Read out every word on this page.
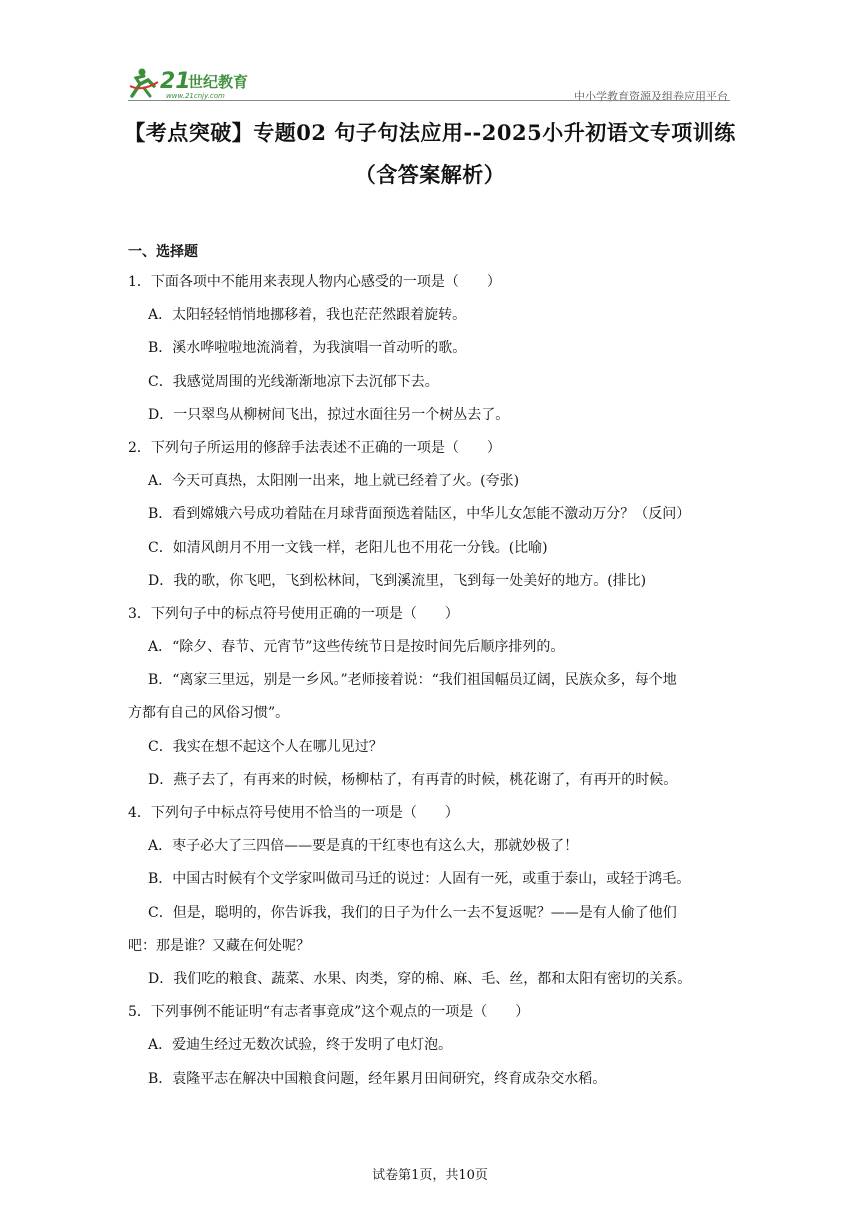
21
世纪教育
www.21cnjy.com	中小学教育资源及组卷应用平台
【考点突破】专题02 句子句法应用--2025小升初语文专项训练
（含答案解析）
一、选择题
1．下面各项中不能用来表现人物内心感受的一项是（　　）
A．太阳轻轻悄悄地挪移着，我也茫茫然跟着旋转。
B．溪水哗啦啦地流淌着，为我演唱一首动听的歌。
C．我感觉周围的光线渐渐地凉下去沉郁下去。
D．一只翠鸟从柳树间飞出，掠过水面往另一个树丛去了。
2．下列句子所运用的修辞手法表述不正确的一项是（　　）
A．今天可真热，太阳刚一出来，地上就已经着了火。(夸张)
B．看到嫦娥六号成功着陆在月球背面预选着陆区，中华儿女怎能不激动万分？（反问）
C．如清风朗月不用一文钱一样，老阳儿也不用花一分钱。(比喻)
D．我的歌，你飞吧，飞到松林间，飞到溪流里，飞到每一处美好的地方。(排比)
3．下列句子中的标点符号使用正确的一项是（　　）
A．“除夕、春节、元宵节”这些传统节日是按时间先后顺序排列的。
B．“离家三里远，别是一乡风。”老师接着说：“我们祖国幅员辽阔，民族众多，每个地
方都有自己的风俗习惯”。
C．我实在想不起这个人在哪儿见过？
D．燕子去了，有再来的时候，杨柳枯了，有再青的时候，桃花谢了，有再开的时候。
4．下列句子中标点符号使用不恰当的一项是（　　）
A．枣子必大了三四倍——要是真的干红枣也有这么大，那就妙极了！
B．中国古时候有个文学家叫做司马迁的说过：人固有一死，或重于泰山，或轻于鸿毛。
C．但是，聪明的，你告诉我，我们的日子为什么一去不复返呢？——是有人偷了他们
吧：那是谁？又藏在何处呢？
D．我们吃的粮食、蔬菜、水果、肉类，穿的棉、麻、毛、丝，都和太阳有密切的关系。
5．下列事例不能证明“有志者事竟成”这个观点的一项是（　　）
A．爱迪生经过无数次试验，终于发明了电灯泡。
B．袁隆平志在解决中国粮食问题，经年累月田间研究，终育成杂交水稻。
试卷第1页，共10页
